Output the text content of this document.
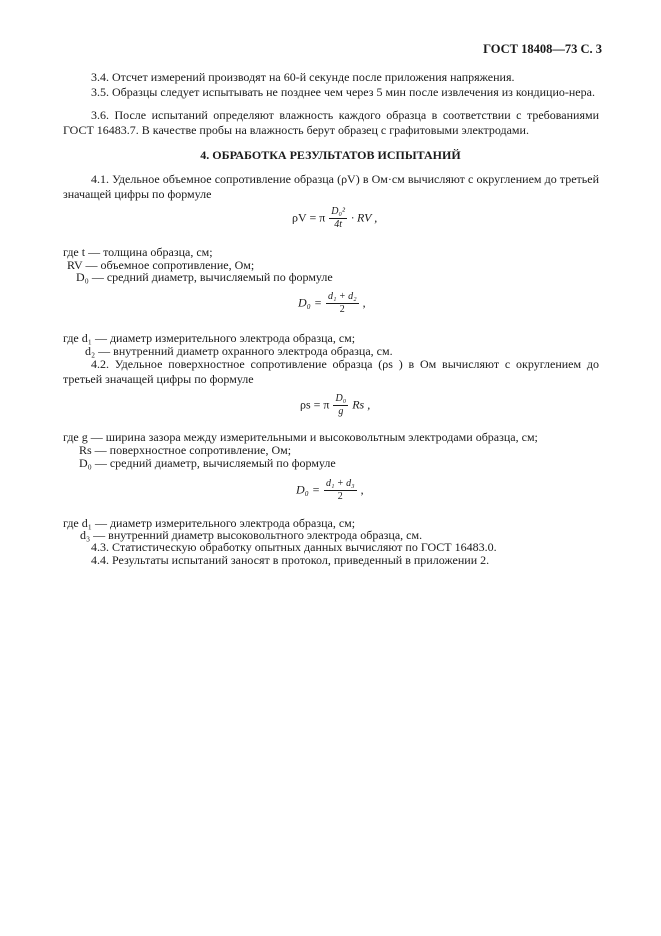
ГОСТ 18408—73 С. 3
3.4. Отсчет измерений производят на 60-й секунде после приложения напряжения.
3.5. Образцы следует испытывать не позднее чем через 5 мин после извлечения из кондицио-нера.
3.6. После испытаний определяют влажность каждого образца в соответствии с требованиями ГОСТ 16483.7. В качестве пробы на влажность берут образец с графитовыми электродами.
4. ОБРАБОТКА РЕЗУЛЬТАТОВ ИСПЫТАНИЙ
4.1. Удельное объемное сопротивление образца (ρV) в Ом·см вычисляют с округлением до третьей значащей цифры по формуле
ρV = π $\frac{\text{D₀²}}{4t}$ · RV ,
где t — толщина образца, см;
RV — объемное сопротивление, Ом;
D₀ — средний диаметр, вычисляемый по формуле
$D_0 = \frac{\text{d₁ + d₂}}{2}$ ,
где d₁ — диаметр измерительного электрода образца, см;
d₂ — внутренний диаметр охранного электрода образца, см.
4.2. Удельное поверхностное сопротивление образца (ρs ) в Ом вычисляют с округлением до третьей значащей цифры по формуле
ρs = π $\frac{\text{D₀}}{g}$ Rs ,
где g — ширина зазора между измерительными и высоковольтным электродами образца, см;
Rs — поверхностное сопротивление, Ом;
D₀ — средний диаметр, вычисляемый по формуле
$D_0 = \frac{\text{d₁ + d₃}}{2}$ ,
где d₁ — диаметр измерительного электрода образца, см;
d₃ — внутренний диаметр высоковольтного электрода образца, см.
4.3. Статистическую обработку опытных данных вычисляют по ГОСТ 16483.0.
4.4. Результаты испытаний заносят в протокол, приведенный в приложении 2.
